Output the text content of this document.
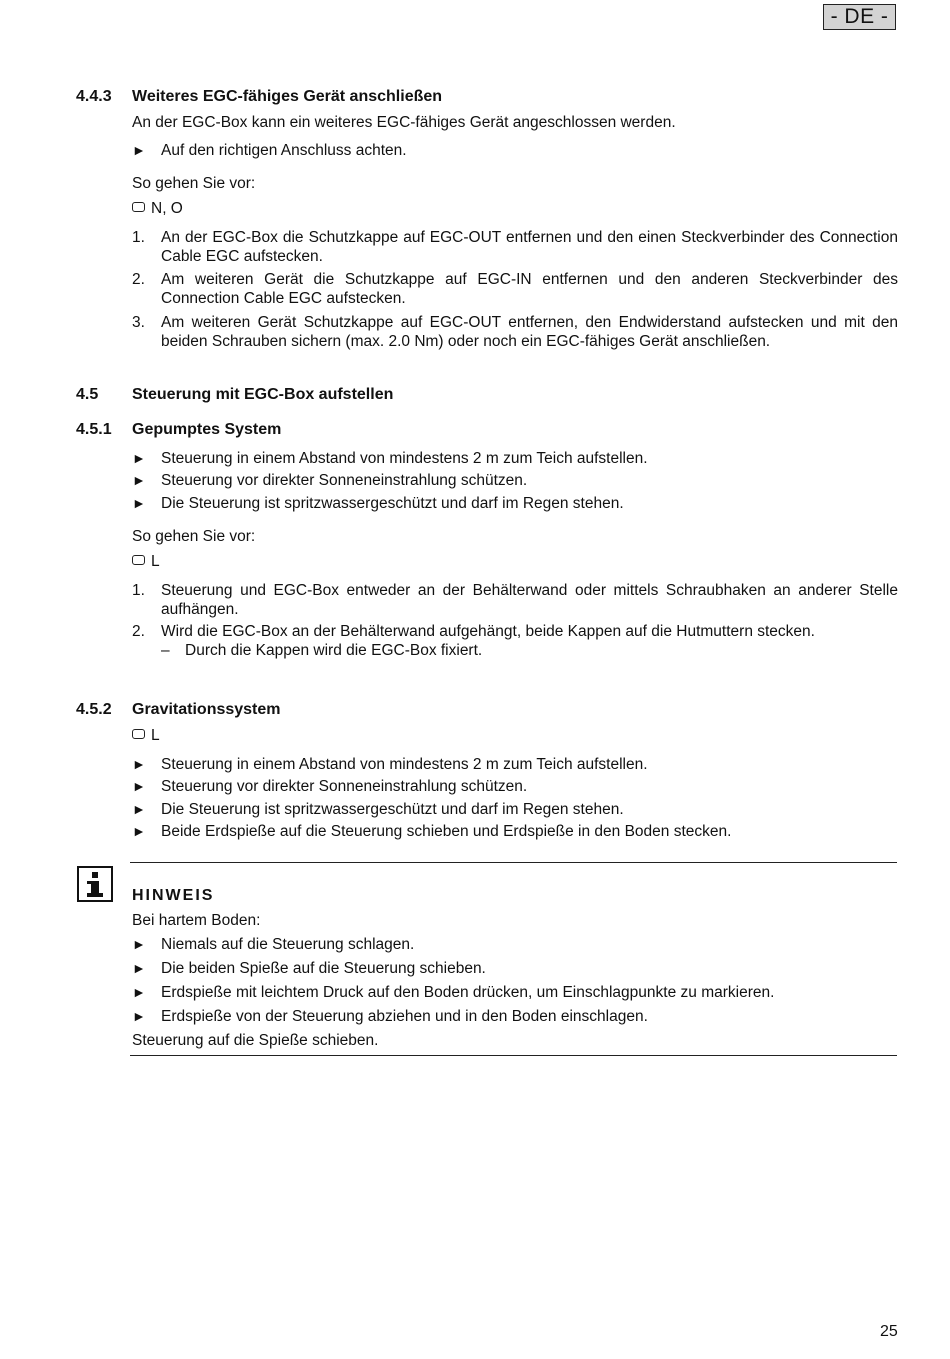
- DE -
4.4.3 Weiteres EGC-fähiges Gerät anschließen
An der EGC-Box kann ein weiteres EGC-fähiges Gerät angeschlossen werden.
► Auf den richtigen Anschluss achten.
So gehen Sie vor:
N, O
1. An der EGC-Box die Schutzkappe auf EGC-OUT entfernen und den einen Steckverbinder des Connection Cable EGC aufstecken.
2. Am weiteren Gerät die Schutzkappe auf EGC-IN entfernen und den anderen Steckverbinder des Connection Cable EGC aufstecken.
3. Am weiteren Gerät Schutzkappe auf EGC-OUT entfernen, den Endwiderstand aufstecken und mit den beiden Schrauben sichern (max. 2.0 Nm) oder noch ein EGC-fähiges Gerät anschließen.
4.5 Steuerung mit EGC-Box aufstellen
4.5.1 Gepumptes System
► Steuerung in einem Abstand von mindestens 2 m zum Teich aufstellen.
► Steuerung vor direkter Sonneneinstrahlung schützen.
► Die Steuerung ist spritzwassergeschützt und darf im Regen stehen.
So gehen Sie vor:
L
1. Steuerung und EGC-Box entweder an der Behälterwand oder mittels Schraubhaken an anderer Stelle aufhängen.
2. Wird die EGC-Box an der Behälterwand aufgehängt, beide Kappen auf die Hutmuttern stecken.
– Durch die Kappen wird die EGC-Box fixiert.
4.5.2 Gravitationssystem
L
► Steuerung in einem Abstand von mindestens 2 m zum Teich aufstellen.
► Steuerung vor direkter Sonneneinstrahlung schützen.
► Die Steuerung ist spritzwassergeschützt und darf im Regen stehen.
► Beide Erdspieße auf die Steuerung schieben und Erdspieße in den Boden stecken.
HINWEIS
Bei hartem Boden:
► Niemals auf die Steuerung schlagen.
► Die beiden Spieße auf die Steuerung schieben.
► Erdspieße mit leichtem Druck auf den Boden drücken, um Einschlagpunkte zu markieren.
► Erdspieße von der Steuerung abziehen und in den Boden einschlagen.
Steuerung auf die Spieße schieben.
25
